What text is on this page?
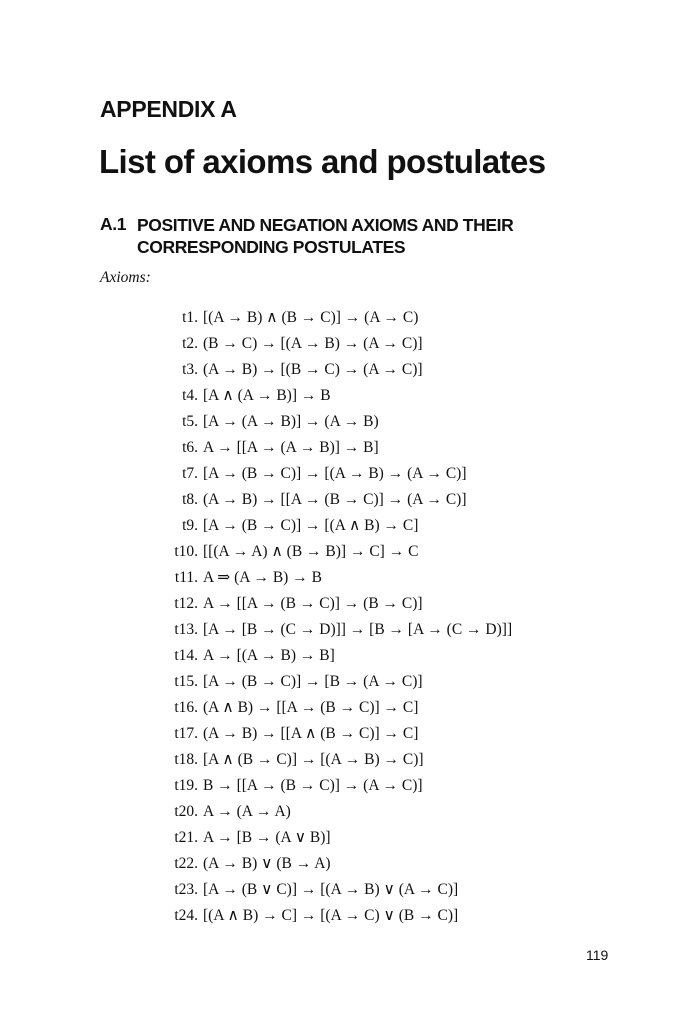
APPENDIX A
List of axioms and postulates
A.1 POSITIVE AND NEGATION AXIOMS AND THEIR
CORRESPONDING POSTULATES
Axioms:
t1. [(A → B) ∧ (B → C)] → (A → C)
t2. (B → C) → [(A → B) → (A → C)]
t3. (A → B) → [(B → C) → (A → C)]
t4. [A ∧ (A → B)] → B
t5. [A → (A → B)] → (A → B)
t6. A → [[A → (A → B)] → B]
t7. [A → (B → C)] → [(A → B) → (A → C)]
t8. (A → B) → [[A → (B → C)] → (A → C)]
t9. [A → (B → C)] → [(A ∧ B) → C]
t10. [[(A → A) ∧ (B → B)] → C] → C
t11. A ⇒ (A → B) → B
t12. A → [[A → (B → C)] → (B → C)]
t13. [A → [B → (C → D)]] → [B → [A → (C → D)]]
t14. A → [(A → B) → B]
t15. [A → (B → C)] → [B → (A → C)]
t16. (A ∧ B) → [[A → (B → C)] → C]
t17. (A → B) → [[A ∧ (B → C)] → C]
t18. [A ∧ (B → C)] → [(A → B) → C)]
t19. B → [[A → (B → C)] → (A → C)]
t20. A → (A → A)
t21. A → [B → (A ∨ B)]
t22. (A → B) ∨ (B → A)
t23. [A → (B ∨ C)] → [(A → B) ∨ (A → C)]
t24. [(A ∧ B) → C] → [(A → C) ∨ (B → C)]
119
